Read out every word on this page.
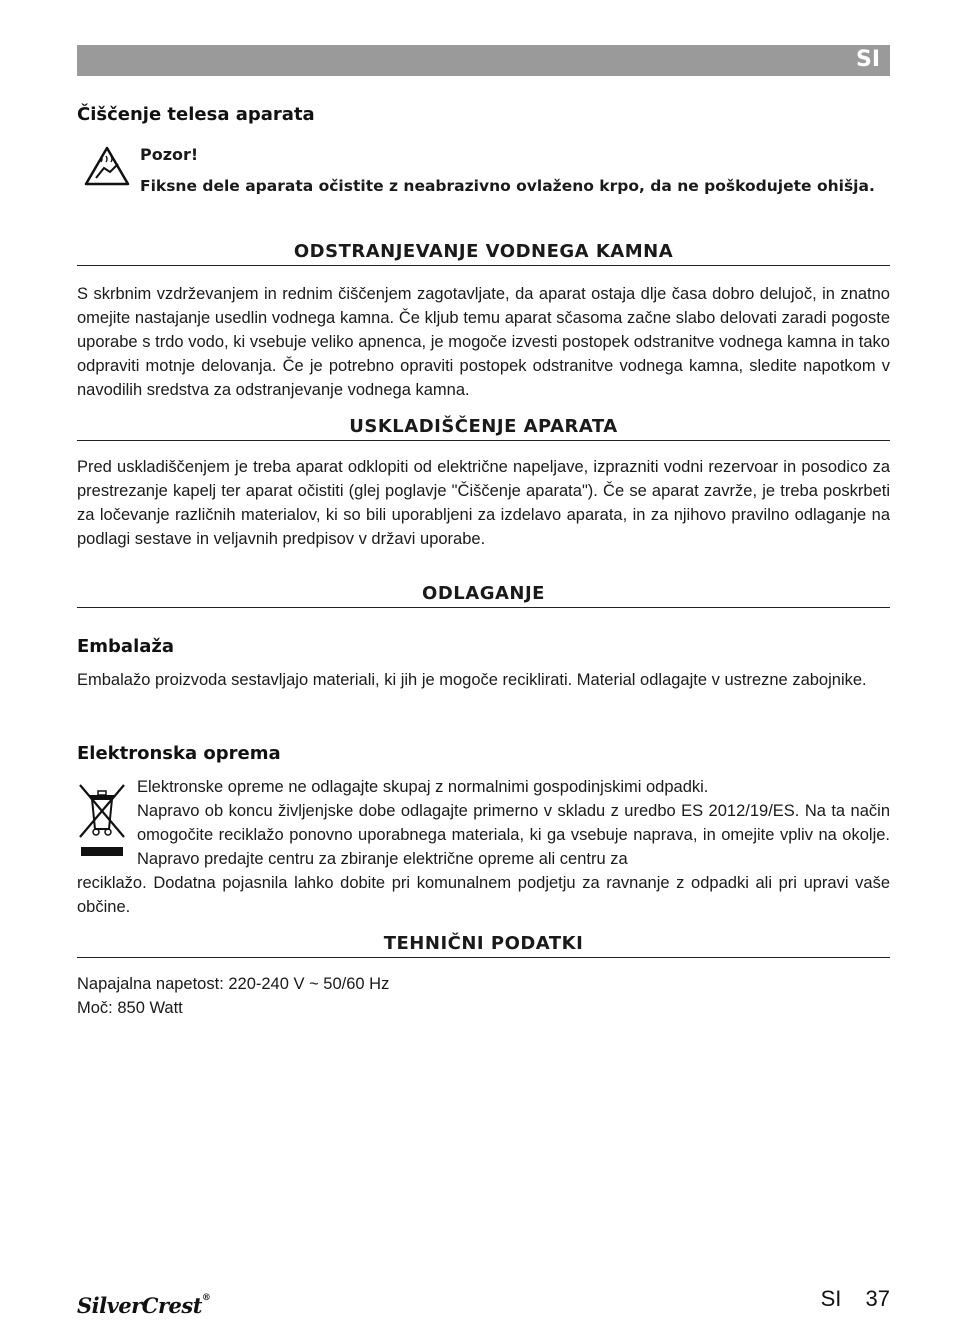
SI
Čiščenje telesa aparata
Pozor!

Fiksne dele aparata očistite z neabrazivno ovlaženo krpo, da ne poškodujete ohišja.

ODSTRANJEVANJE VODNEGA KAMNA

S skrbnim vzdrževanjem in rednim čiščenjem zagotavljate, da aparat ostaja dlje časa dobro delujoč, in znatno omejite nastajanje usedlin vodnega kamna. Če kljub temu aparat sčasoma začne slabo delovati zaradi pogoste uporabe s trdo vodo, ki vsebuje veliko apnenca, je mogoče izvesti postopek odstranitve vodnega kamna in tako odpraviti motnje delovanja. Če je potrebno opraviti postopek odstranitve vodnega kamna, sledite napotkom v navodilih sredstva za odstranjevanje vodnega kamna.

USKLADIŠČENJE APARATA

Pred uskladiščenjem je treba aparat odklopiti od električne napeljave, izprazniti vodni rezervoar in posodico za prestrezanje kapelj ter aparat očistiti (glej poglavje "Čiščenje aparata"). Če se aparat zavrže, je treba poskrbeti za ločevanje različnih materialov, ki so bili uporabljeni za izdelavo aparata, in za njihovo pravilno odlaganje na podlagi sestave in veljavnih predpisov v državi uporabe.

ODLAGANJE
Embalaža

Embalažo proizvoda sestavljajo materiali, ki jih je mogoče reciklirati. Material odlagajte v ustrezne zabojnike.

Elektronska oprema
Elektronske opreme ne odlagajte skupaj z normalnimi gospodinjskimi odpadki.
Napravo ob koncu življenjske dobe odlagajte primerno v skladu z uredbo ES 2012/19/ES. Na ta način omogočite reciklažo ponovno uporabnega materiala, ki ga vsebuje naprava, in omejite vpliv na okolje. Napravo predajte centru za zbiranje električne opreme ali centru za

reciklažo. Dodatna pojasnila lahko dobite pri komunalnem podjetju za ravnanje z odpadki ali pri upravi vaše občine.

TEHNIČNI PODATKI
Napajalna napetost: 220-240 V ~ 50/60 Hz
Moč: 850 Watt
SilverCrest®	SI 37
